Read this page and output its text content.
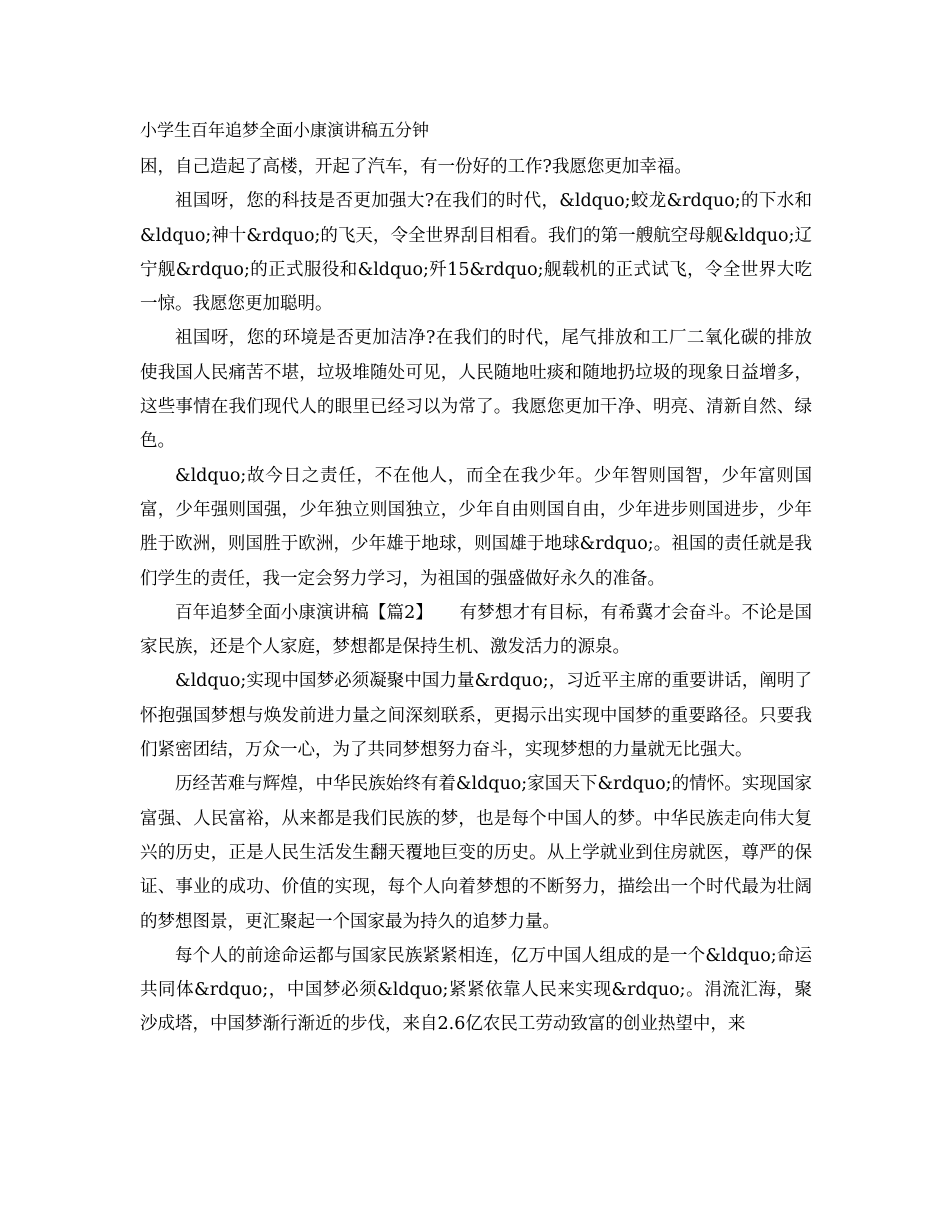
小学生百年追梦全面小康演讲稿五分钟

困，自己造起了高楼，开起了汽车，有一份好的工作?我愿您更加幸福。

祖国呀，您的科技是否更加强大?在我们的时代，&ldquo;蛟龙&rdquo;的下水和&ldquo;神十&rdquo;的飞天，令全世界刮目相看。我们的第一艘航空母舰&ldquo;辽宁舰&rdquo;的正式服役和&ldquo;歼15&rdquo;舰载机的正式试飞，令全世界大吃一惊。我愿您更加聪明。

祖国呀，您的环境是否更加洁净?在我们的时代，尾气排放和工厂二氧化碳的排放使我国人民痛苦不堪，垃圾堆随处可见，人民随地吐痰和随地扔垃圾的现象日益增多，这些事情在我们现代人的眼里已经习以为常了。我愿您更加干净、明亮、清新自然、绿色。

&ldquo;故今日之责任，不在他人，而全在我少年。少年智则国智，少年富则国富，少年强则国强，少年独立则国独立，少年自由则国自由，少年进步则国进步，少年胜于欧洲，则国胜于欧洲，少年雄于地球，则国雄于地球&rdquo;。祖国的责任就是我们学生的责任，我一定会努力学习，为祖国的强盛做好永久的准备。

百年追梦全面小康演讲稿【篇2】　　有梦想才有目标，有希冀才会奋斗。不论是国家民族，还是个人家庭，梦想都是保持生机、激发活力的源泉。

&ldquo;实现中国梦必须凝聚中国力量&rdquo;，习近平主席的重要讲话，阐明了怀抱强国梦想与焕发前进力量之间深刻联系，更揭示出实现中国梦的重要路径。只要我们紧密团结，万众一心，为了共同梦想努力奋斗，实现梦想的力量就无比强大。

历经苦难与辉煌，中华民族始终有着&ldquo;家国天下&rdquo;的情怀。实现国家富强、人民富裕，从来都是我们民族的梦，也是每个中国人的梦。中华民族走向伟大复兴的历史，正是人民生活发生翻天覆地巨变的历史。从上学就业到住房就医，尊严的保证、事业的成功、价值的实现，每个人向着梦想的不断努力，描绘出一个时代最为壮阔的梦想图景，更汇聚起一个国家最为持久的追梦力量。

每个人的前途命运都与国家民族紧紧相连，亿万中国人组成的是一个&ldquo;命运共同体&rdquo;，中国梦必须&ldquo;紧紧依靠人民来实现&rdquo;。涓流汇海，聚沙成塔，中国梦渐行渐近的步伐，来自2.6亿农民工劳动致富的创业热望中，来
